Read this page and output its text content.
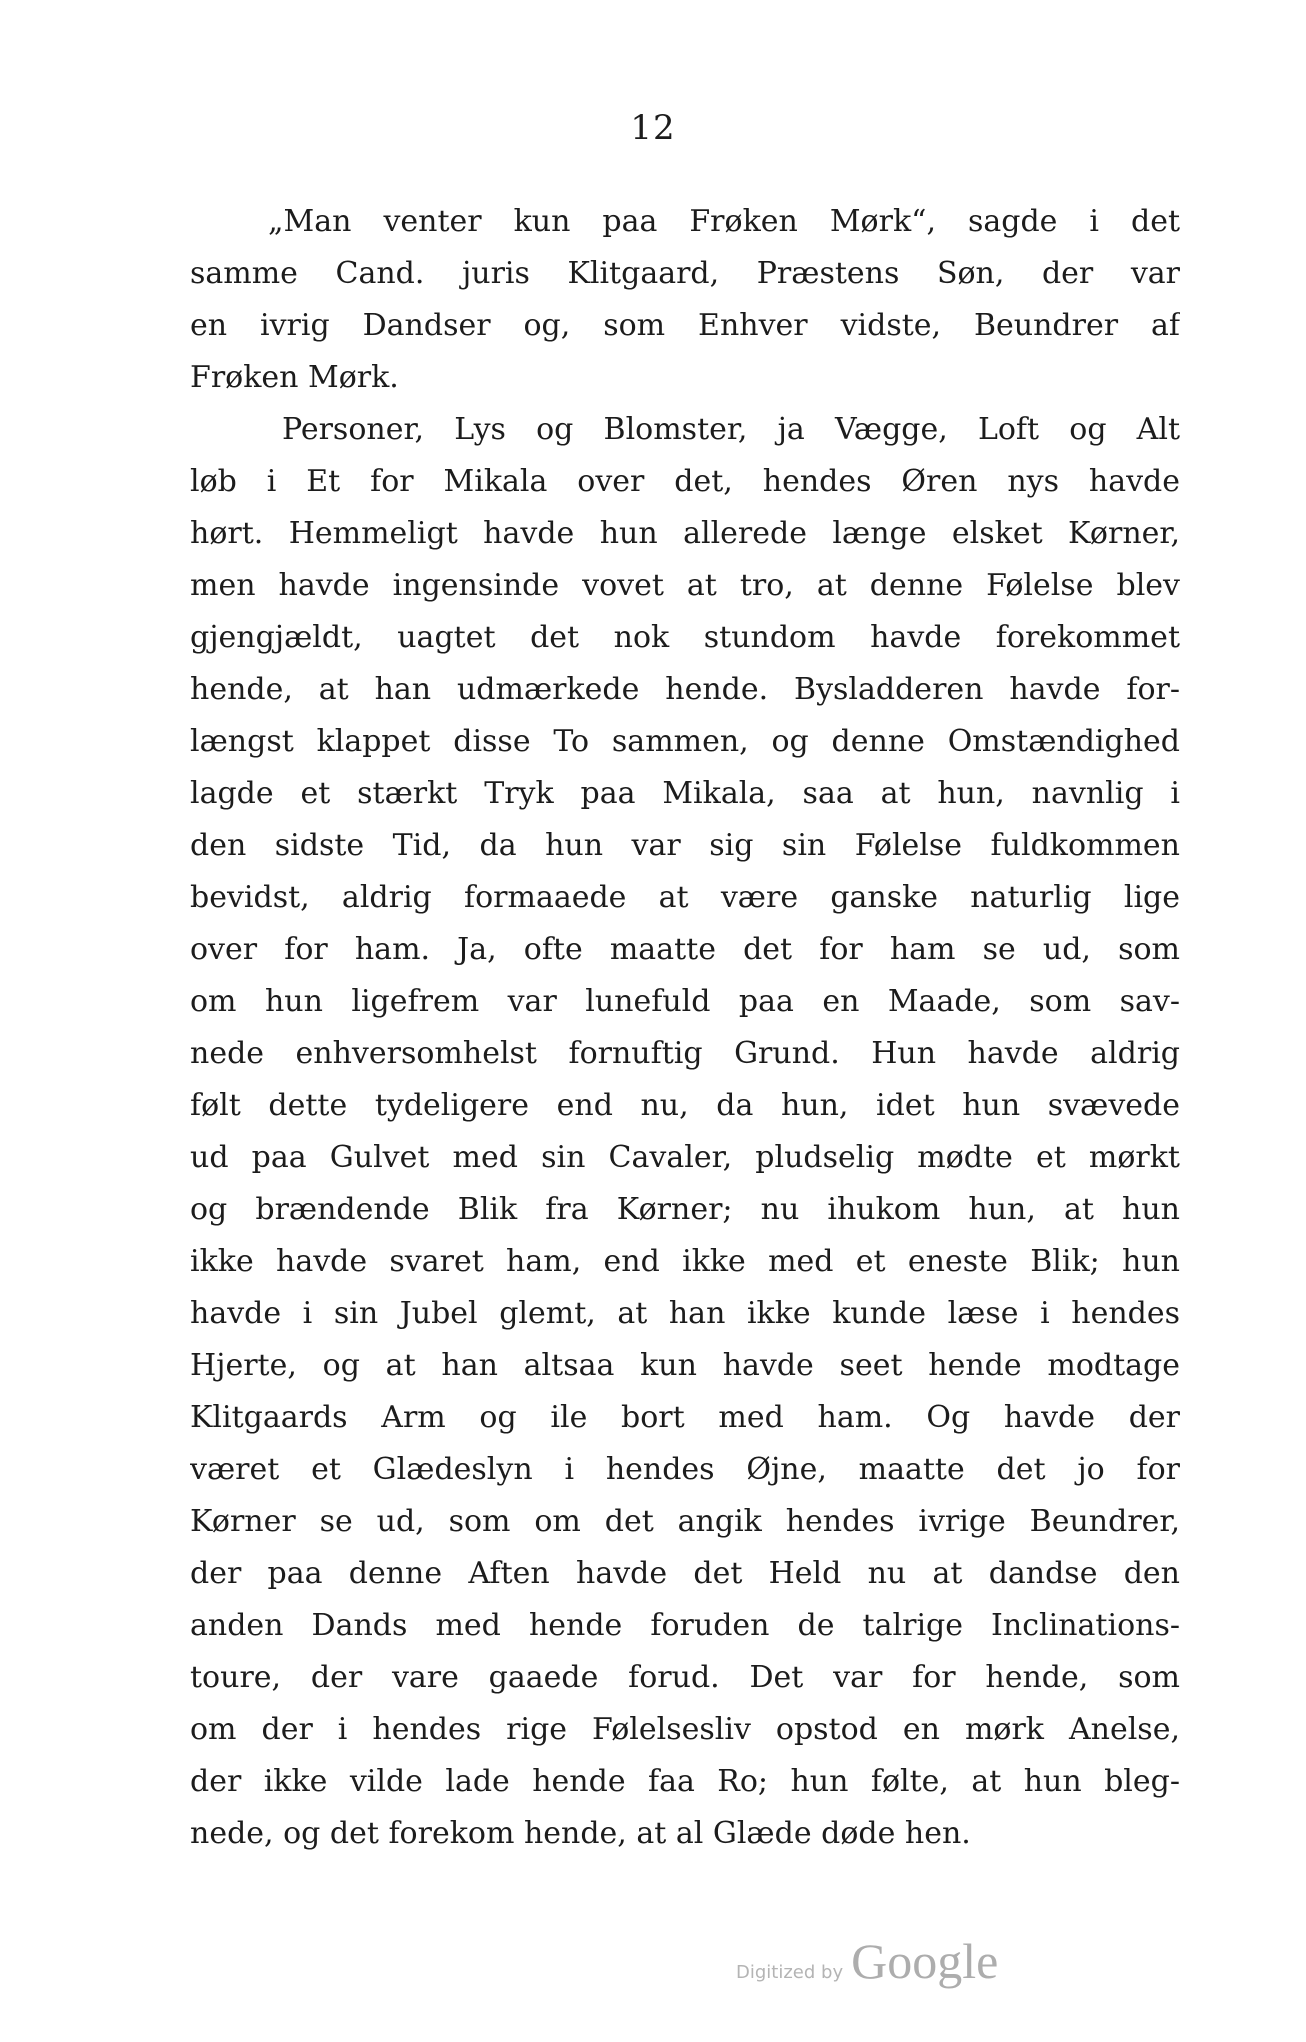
12
„Man venter kun paa Frøken Mørk“, sagde i det
samme Cand. juris Klitgaard, Præstens Søn, der var
en ivrig Dandser og, som Enhver vidste, Beundrer af
Frøken Mørk.
Personer, Lys og Blomster, ja Vægge, Loft og Alt
løb i Et for Mikala over det, hendes Øren nys havde
hørt. Hemmeligt havde hun allerede længe elsket Kørner,
men havde ingensinde vovet at tro, at denne Følelse blev
gjengjældt, uagtet det nok stundom havde forekommet
hende, at han udmærkede hende. Bysladderen havde for-
længst klappet disse To sammen, og denne Omstændighed
lagde et stærkt Tryk paa Mikala, saa at hun, navnlig i
den sidste Tid, da hun var sig sin Følelse fuldkommen
bevidst, aldrig formaaede at være ganske naturlig lige
over for ham. Ja, ofte maatte det for ham se ud, som
om hun ligefrem var lunefuld paa en Maade, som sav-
nede enhversomhelst fornuftig Grund. Hun havde aldrig
følt dette tydeligere end nu, da hun, idet hun svævede
ud paa Gulvet med sin Cavaler, pludselig mødte et mørkt
og brændende Blik fra Kørner; nu ihukom hun, at hun
ikke havde svaret ham, end ikke med et eneste Blik; hun
havde i sin Jubel glemt, at han ikke kunde læse i hendes
Hjerte, og at han altsaa kun havde seet hende modtage
Klitgaards Arm og ile bort med ham. Og havde der
været et Glædeslyn i hendes Øjne, maatte det jo for
Kørner se ud, som om det angik hendes ivrige Beundrer,
der paa denne Aften havde det Held nu at dandse den
anden Dands med hende foruden de talrige Inclinations-
toure, der vare gaaede forud. Det var for hende, som
om der i hendes rige Følelsesliv opstod en mørk Anelse,
der ikke vilde lade hende faa Ro; hun følte, at hun bleg-
nede, og det forekom hende, at al Glæde døde hen.
Digitized by Google
